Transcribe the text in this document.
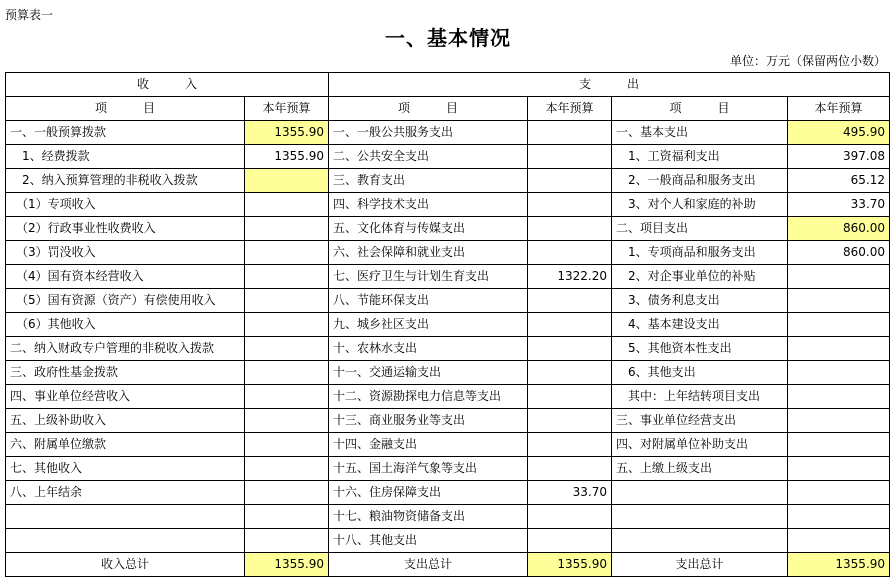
预算表一
一、基本情况
单位：万元（保留两位小数）
收　　　入		支　　　出			
项　　　目	本年预算	项　　　目	本年预算	项　　　目	本年预算
一、一般预算拨款	1355.90	一、一般公共服务支出		一、基本支出	495.90
　1、经费拨款	1355.90	二、公共安全支出		　1、工资福利支出	397.08
　2、纳入预算管理的非税收入拨款		三、教育支出		　2、一般商品和服务支出	65.12
　（1）专项收入		四、科学技术支出		　3、对个人和家庭的补助	33.70
　（2）行政事业性收费收入		五、文化体育与传媒支出		二、项目支出	860.00
　（3）罚没收入		六、社会保障和就业支出		　1、专项商品和服务支出	860.00
　（4）国有资本经营收入		七、医疗卫生与计划生育支出	1322.20	　2、对企事业单位的补贴	
　（5）国有资源（资产）有偿使用收入		八、节能环保支出		　3、债务利息支出	
　（6）其他收入		九、城乡社区支出		　4、基本建设支出	
二、纳入财政专户管理的非税收入拨款		十、农林水支出		　5、其他资本性支出	
三、政府性基金拨款		十一、交通运输支出		　6、其他支出	
四、事业单位经营收入		十二、资源勘探电力信息等支出		　其中：上年结转项目支出	
五、上级补助收入		十三、商业服务业等支出		三、事业单位经营支出	
六、附属单位缴款		十四、金融支出		四、对附属单位补助支出	
七、其他收入		十五、国土海洋气象等支出		五、上缴上级支出	
八、上年结余		十六、住房保障支出	33.70		
		十七、粮油物资储备支出			
		十八、其他支出			
收入总计	1355.90	支出总计	1355.90	支出总计	1355.90
